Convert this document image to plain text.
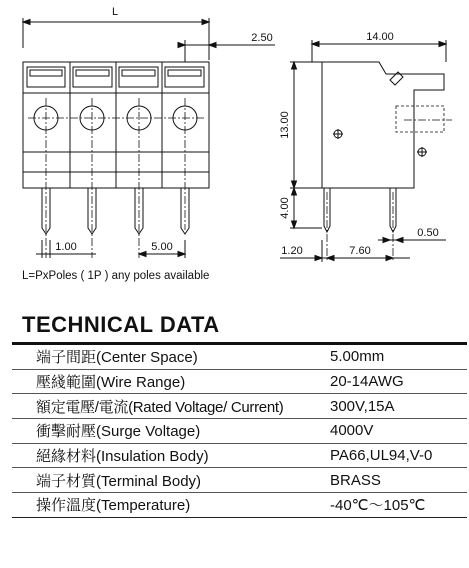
L
2.50
1.00	5.00
14.00
13.00
4.00
1.20	7.60
0.50
L=PxPoles ( 1P ) any poles available
TECHNICAL DATA
端子間距(Center Space)	5.00mm
壓綫範圍(Wire Range)	20-14AWG
額定電壓/電流(Rated Voltage/ Current)	300V,15A
衝擊耐壓(Surge Voltage)	4000V
絕緣材料(Insulation Body)	PA66,UL94,V-0
端子材質(Terminal Body)	BRASS
操作溫度(Temperature)	-40℃～105℃
